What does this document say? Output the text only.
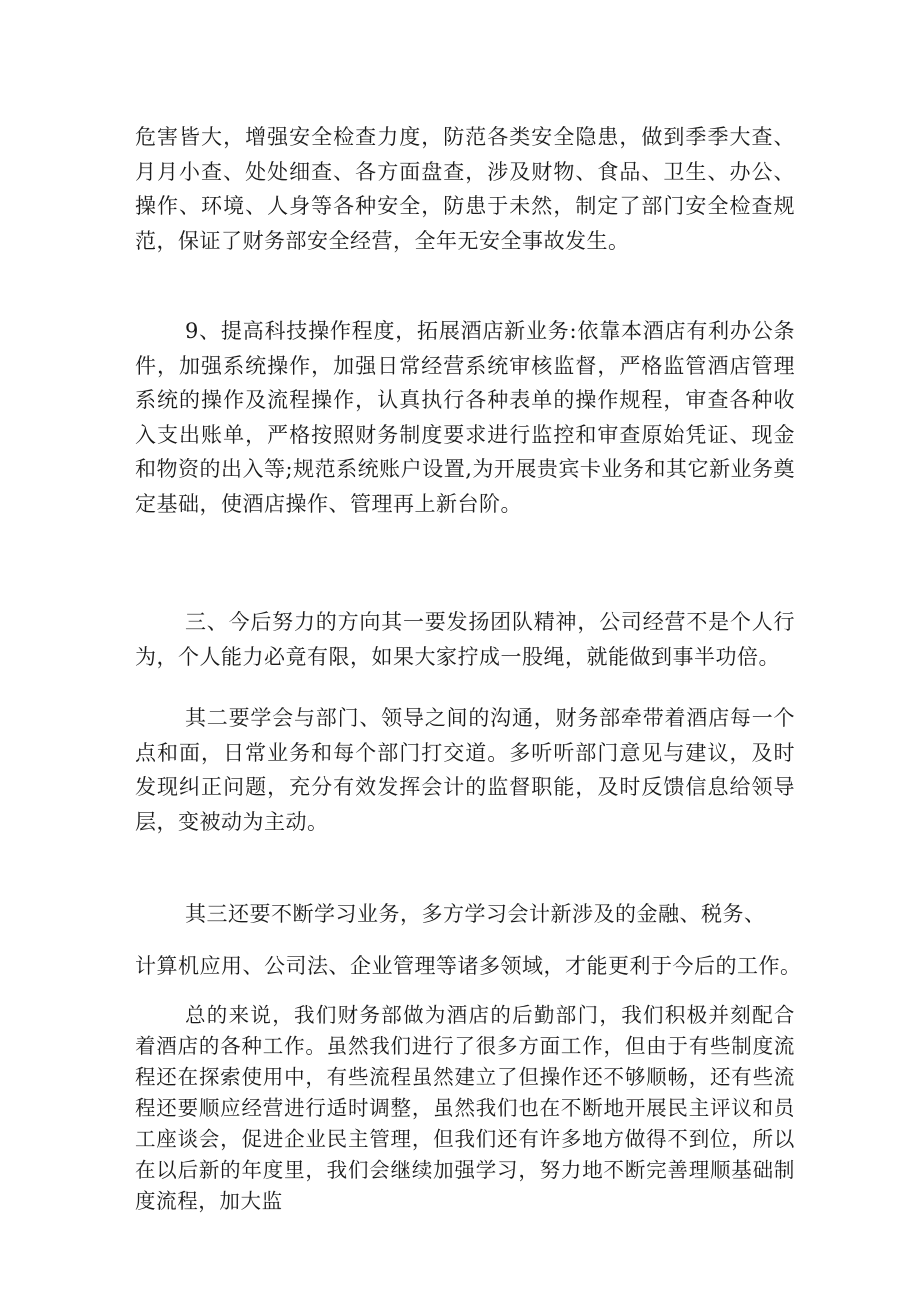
危害皆大，增强安全检查力度，防范各类安全隐患，做到季季大查、月月小查、处处细查、各方面盘查，涉及财物、食品、卫生、办公、操作、环境、人身等各种安全，防患于未然，制定了部门安全检查规范，保证了财务部安全经营，全年无安全事故发生。

9、提高科技操作程度，拓展酒店新业务:依靠本酒店有利办公条件，加强系统操作，加强日常经营系统审核监督，严格监管酒店管理系统的操作及流程操作，认真执行各种表单的操作规程，审查各种收入支出账单，严格按照财务制度要求进行监控和审查原始凭证、现金和物资的出入等;规范系统账户设置,为开展贵宾卡业务和其它新业务奠定基础，使酒店操作、管理再上新台阶。

三、今后努力的方向其一要发扬团队精神，公司经营不是个人行为，个人能力必竟有限，如果大家拧成一股绳，就能做到事半功倍。

其二要学会与部门、领导之间的沟通，财务部牵带着酒店每一个点和面，日常业务和每个部门打交道。多听听部门意见与建议，及时发现纠正问题，充分有效发挥会计的监督职能，及时反馈信息给领导层，变被动为主动。

其三还要不断学习业务，多方学习会计新涉及的金融、税务、

计算机应用、公司法、企业管理等诸多领域，才能更利于今后的工作。

总的来说，我们财务部做为酒店的后勤部门，我们积极并刻配合着酒店的各种工作。虽然我们进行了很多方面工作，但由于有些制度流程还在探索使用中，有些流程虽然建立了但操作还不够顺畅，还有些流程还要顺应经营进行适时调整，虽然我们也在不断地开展民主评议和员工座谈会，促进企业民主管理，但我们还有许多地方做得不到位，所以在以后新的年度里，我们会继续加强学习，努力地不断完善理顺基础制度流程，加大监
